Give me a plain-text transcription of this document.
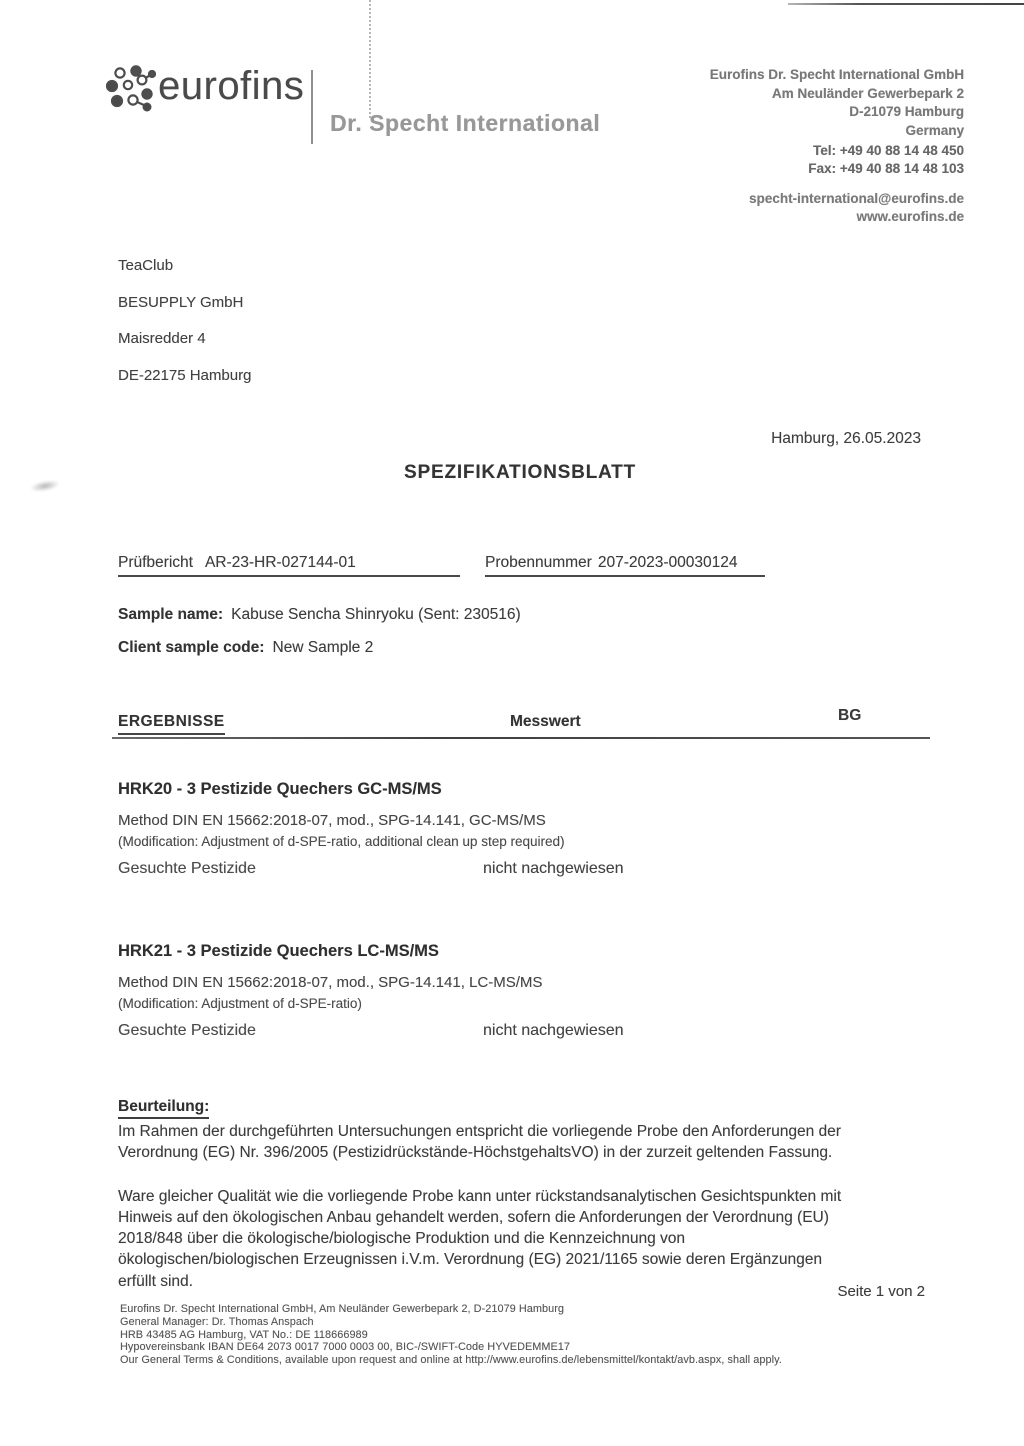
eurofins
Dr. Specht International
Eurofins Dr. Specht International GmbH
Am Neuländer Gewerbepark 2
D-21079 Hamburg
Germany
Tel: +49 40 88 14 48 450
Fax: +49 40 88 14 48 103
specht-international@eurofins.de
www.eurofins.de
TeaClub
BESUPPLY GmbH
Maisredder 4
DE-22175 Hamburg
Hamburg, 26.05.2023
SPEZIFIKATIONSBLATT
Prüfbericht AR-23-HR-027144-01	Probennummer 207-2023-00030124
Sample name: Kabuse Sencha Shinryoku (Sent: 230516)
Client sample code: New Sample 2
ERGEBNISSE	Messwert	BG
HRK20 - 3 Pestizide Quechers GC-MS/MS
Method DIN EN 15662:2018-07, mod., SPG-14.141, GC-MS/MS
(Modification: Adjustment of d-SPE-ratio, additional clean up step required)
Gesuchte Pestizide	nicht nachgewiesen
HRK21 - 3 Pestizide Quechers LC-MS/MS
Method DIN EN 15662:2018-07, mod., SPG-14.141, LC-MS/MS
(Modification: Adjustment of d-SPE-ratio)
Gesuchte Pestizide	nicht nachgewiesen
Beurteilung:
Im Rahmen der durchgeführten Untersuchungen entspricht die vorliegende Probe den Anforderungen der
Verordnung (EG) Nr. 396/2005 (Pestizidrückstände-HöchstgehaltsVO) in der zurzeit geltenden Fassung.
Ware gleicher Qualität wie die vorliegende Probe kann unter rückstandsanalytischen Gesichtspunkten mit
Hinweis auf den ökologischen Anbau gehandelt werden, sofern die Anforderungen der Verordnung (EU)
2018/848 über die ökologische/biologische Produktion und die Kennzeichnung von
ökologischen/biologischen Erzeugnissen i.V.m. Verordnung (EG) 2021/1165 sowie deren Ergänzungen
erfüllt sind.
Seite 1 von 2
Eurofins Dr. Specht International GmbH, Am Neuländer Gewerbepark 2, D-21079 Hamburg
General Manager: Dr. Thomas Anspach
HRB 43485 AG Hamburg, VAT No.: DE 118666989
Hypovereinsbank IBAN DE64 2073 0017 7000 0003 00, BIC-/SWIFT-Code HYVEDEMME17
Our General Terms & Conditions, available upon request and online at http://www.eurofins.de/lebensmittel/kontakt/avb.aspx, shall apply.
